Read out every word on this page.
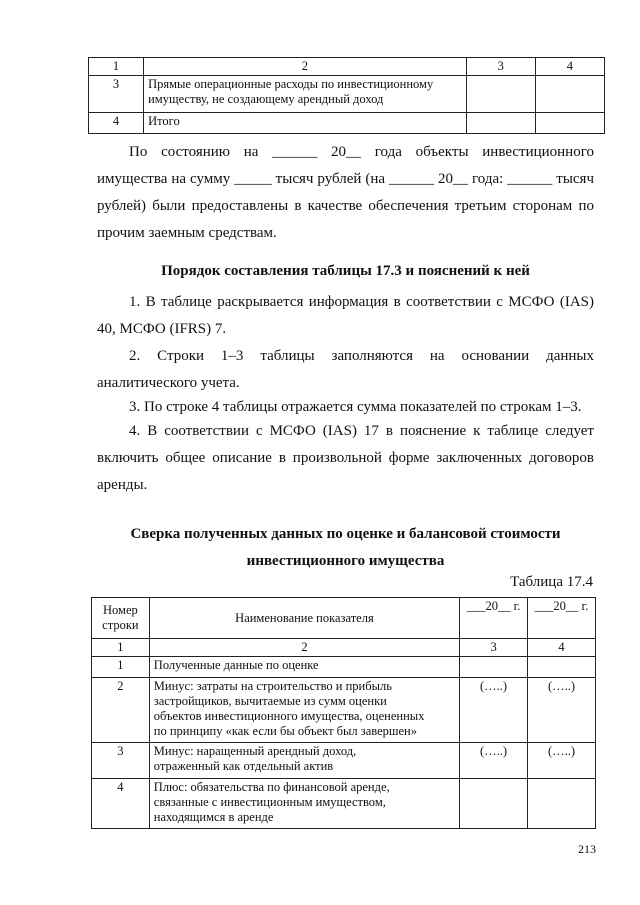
1	2	3	4
3	Прямые операционные расходы по инвестиционному
имуществу, не создающему арендный доход		

4	Итого		

По состоянию на ______ 20__ года объекты инвестиционного имущества на сумму _____ тысяч рублей (на ______ 20__ года: ______ тысяч рублей) были предоставлены в качестве обеспечения третьим сторонам по прочим заемным средствам.

Порядок составления таблицы 17.3 и пояснений к ней

1. В таблице раскрывается информация в соответствии с МСФО (IAS) 40, МСФО (IFRS) 7.

2. Строки 1–3 таблицы заполняются на основании данных аналитического учета.

3. По строке 4 таблицы отражается сумма показателей по строкам 1–3.

4. В соответствии с МСФО (IAS) 17 в пояснение к таблице следует включить общее описание в произвольной форме заключенных договоров аренды.

Сверка полученных данных по оценке и балансовой стоимости

инвестиционного имущества

Таблица 17.4
Номер
строки	Наименование показателя	___20__ г.	___20__ г.
1	2	3	4
1	Полученные данные по оценке		

2	Минус: затраты на строительство и прибыль
застройщиков, вычитаемые из сумм оценки
объектов инвестиционного имущества, оцененных
по принципу «как если бы объект был завершен»	(…..)	(…..)
3	Минус: наращенный арендный доход,
отраженный как отдельный актив	(…..)	(…..)
4	Плюс: обязательства по финансовой аренде,
связанные с инвестиционным имуществом,
находящимся в аренде		

213
